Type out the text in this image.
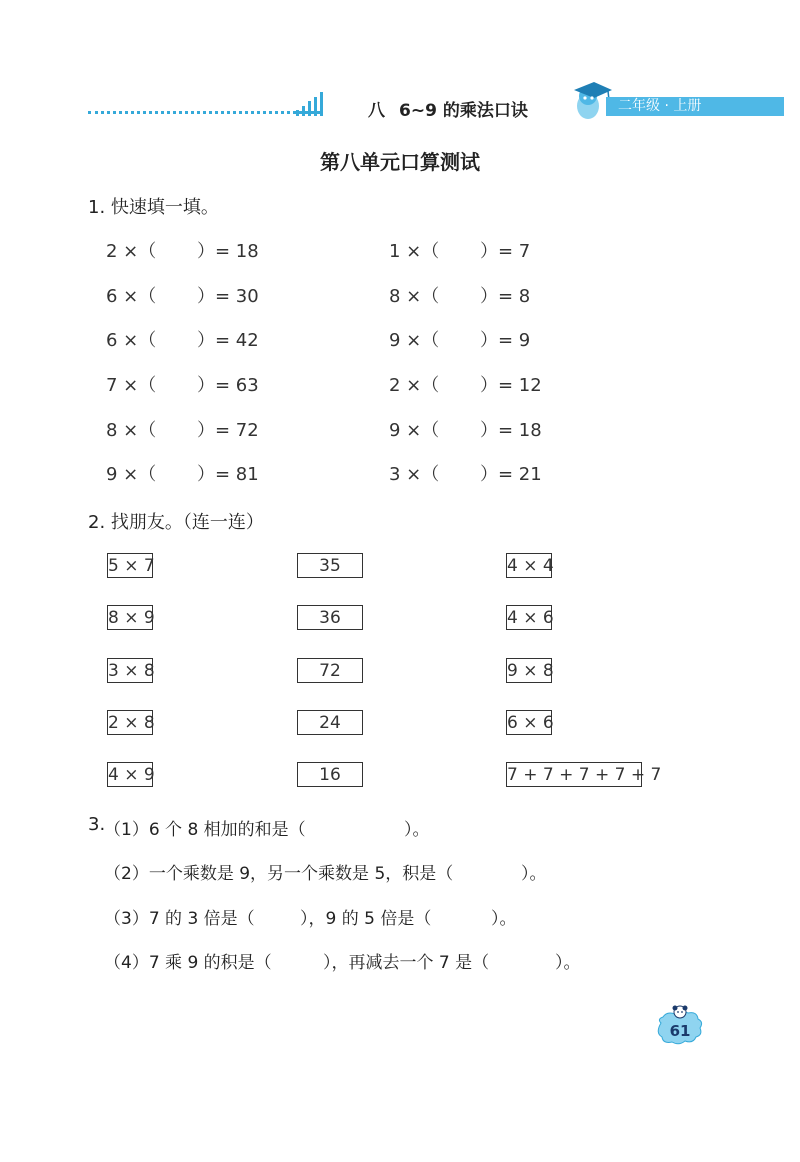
八 6~9 的乘法口诀	二年级 · 上册
第八单元口算测试
1. 快速填一填。
2 ×（ ）= 18
6 ×（ ）= 30
6 ×（ ）= 42
7 ×（ ）= 63
8 ×（ ）= 72
9 ×（ ）= 81
1 ×（ ）= 7
8 ×（ ）= 8
9 ×（ ）= 9
2 ×（ ）= 12
9 ×（ ）= 18
3 ×（ ）= 21
2. 找朋友。（连一连）
5 × 7
8 × 9
3 × 8
2 × 8
4 × 9
35
36
72
24
16
4 × 4
4 × 6
9 × 8
6 × 6
7 + 7 + 7 + 7 + 7
3.
（1）6 个 8 相加的和是（	）。
（2）一个乘数是 9，另一个乘数是 5，积是（	）。
（3）7 的 3 倍是（	），9 的 5 倍是（	）。
（4）7 乘 9 的积是（	），再减去一个 7 是（	）。
61
